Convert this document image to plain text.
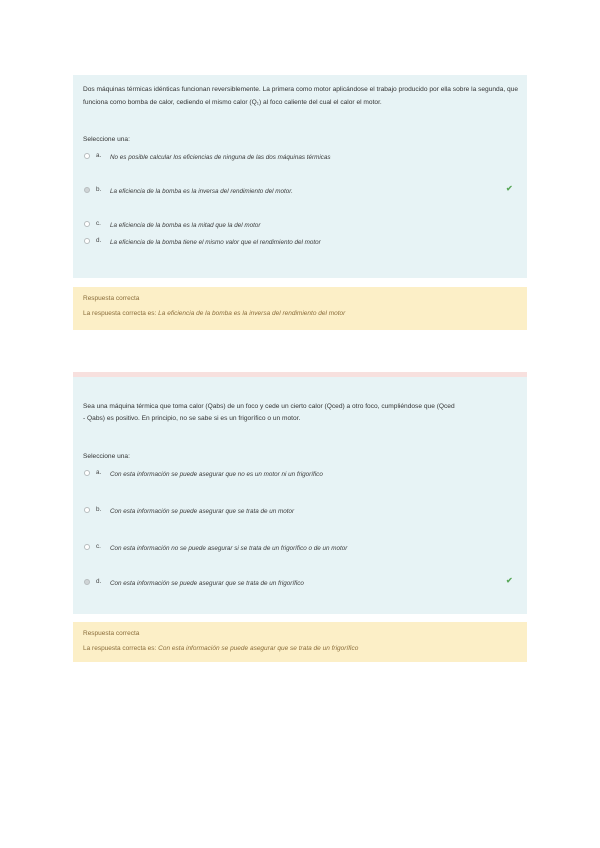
Dos máquinas térmicas idénticas funcionan reversiblemente. La primera como motor aplicándose el trabajo producido por ella sobre la segunda, que funciona como bomba de calor, cediendo el mismo calor (Q₁) al foco caliente del cual el calor el motor.
Seleccione una:
a. No es posible calcular los eficiencias de ninguna de las dos máquinas térmicas
b. La eficiencia de la bomba es la inversa del rendimiento del motor.	✔
c. La eficiencia de la bomba es la mitad que la del motor
d. La eficiencia de la bomba tiene el mismo valor que el rendimiento del motor
Respuesta correcta
La respuesta correcta es: La eficiencia de la bomba es la inversa del rendimiento del motor
Sea una máquina térmica que toma calor (Qabs) de un foco y cede un cierto calor (Qced) a otro foco, cumpliéndose que (Qced
- Qabs) es positivo. En principio, no se sabe si es un frigorífico o un motor.
Seleccione una:
a. Con esta información se puede asegurar que no es un motor ni un frigorífico
b. Con esta información se puede asegurar que se trata de un motor
c. Con esta información no se puede asegurar si se trata de un frigorífico o de un motor
d. Con esta información se puede asegurar que se trata de un frigorífico	✔
Respuesta correcta
La respuesta correcta es: Con esta información se puede asegurar que se trata de un frigorífico
